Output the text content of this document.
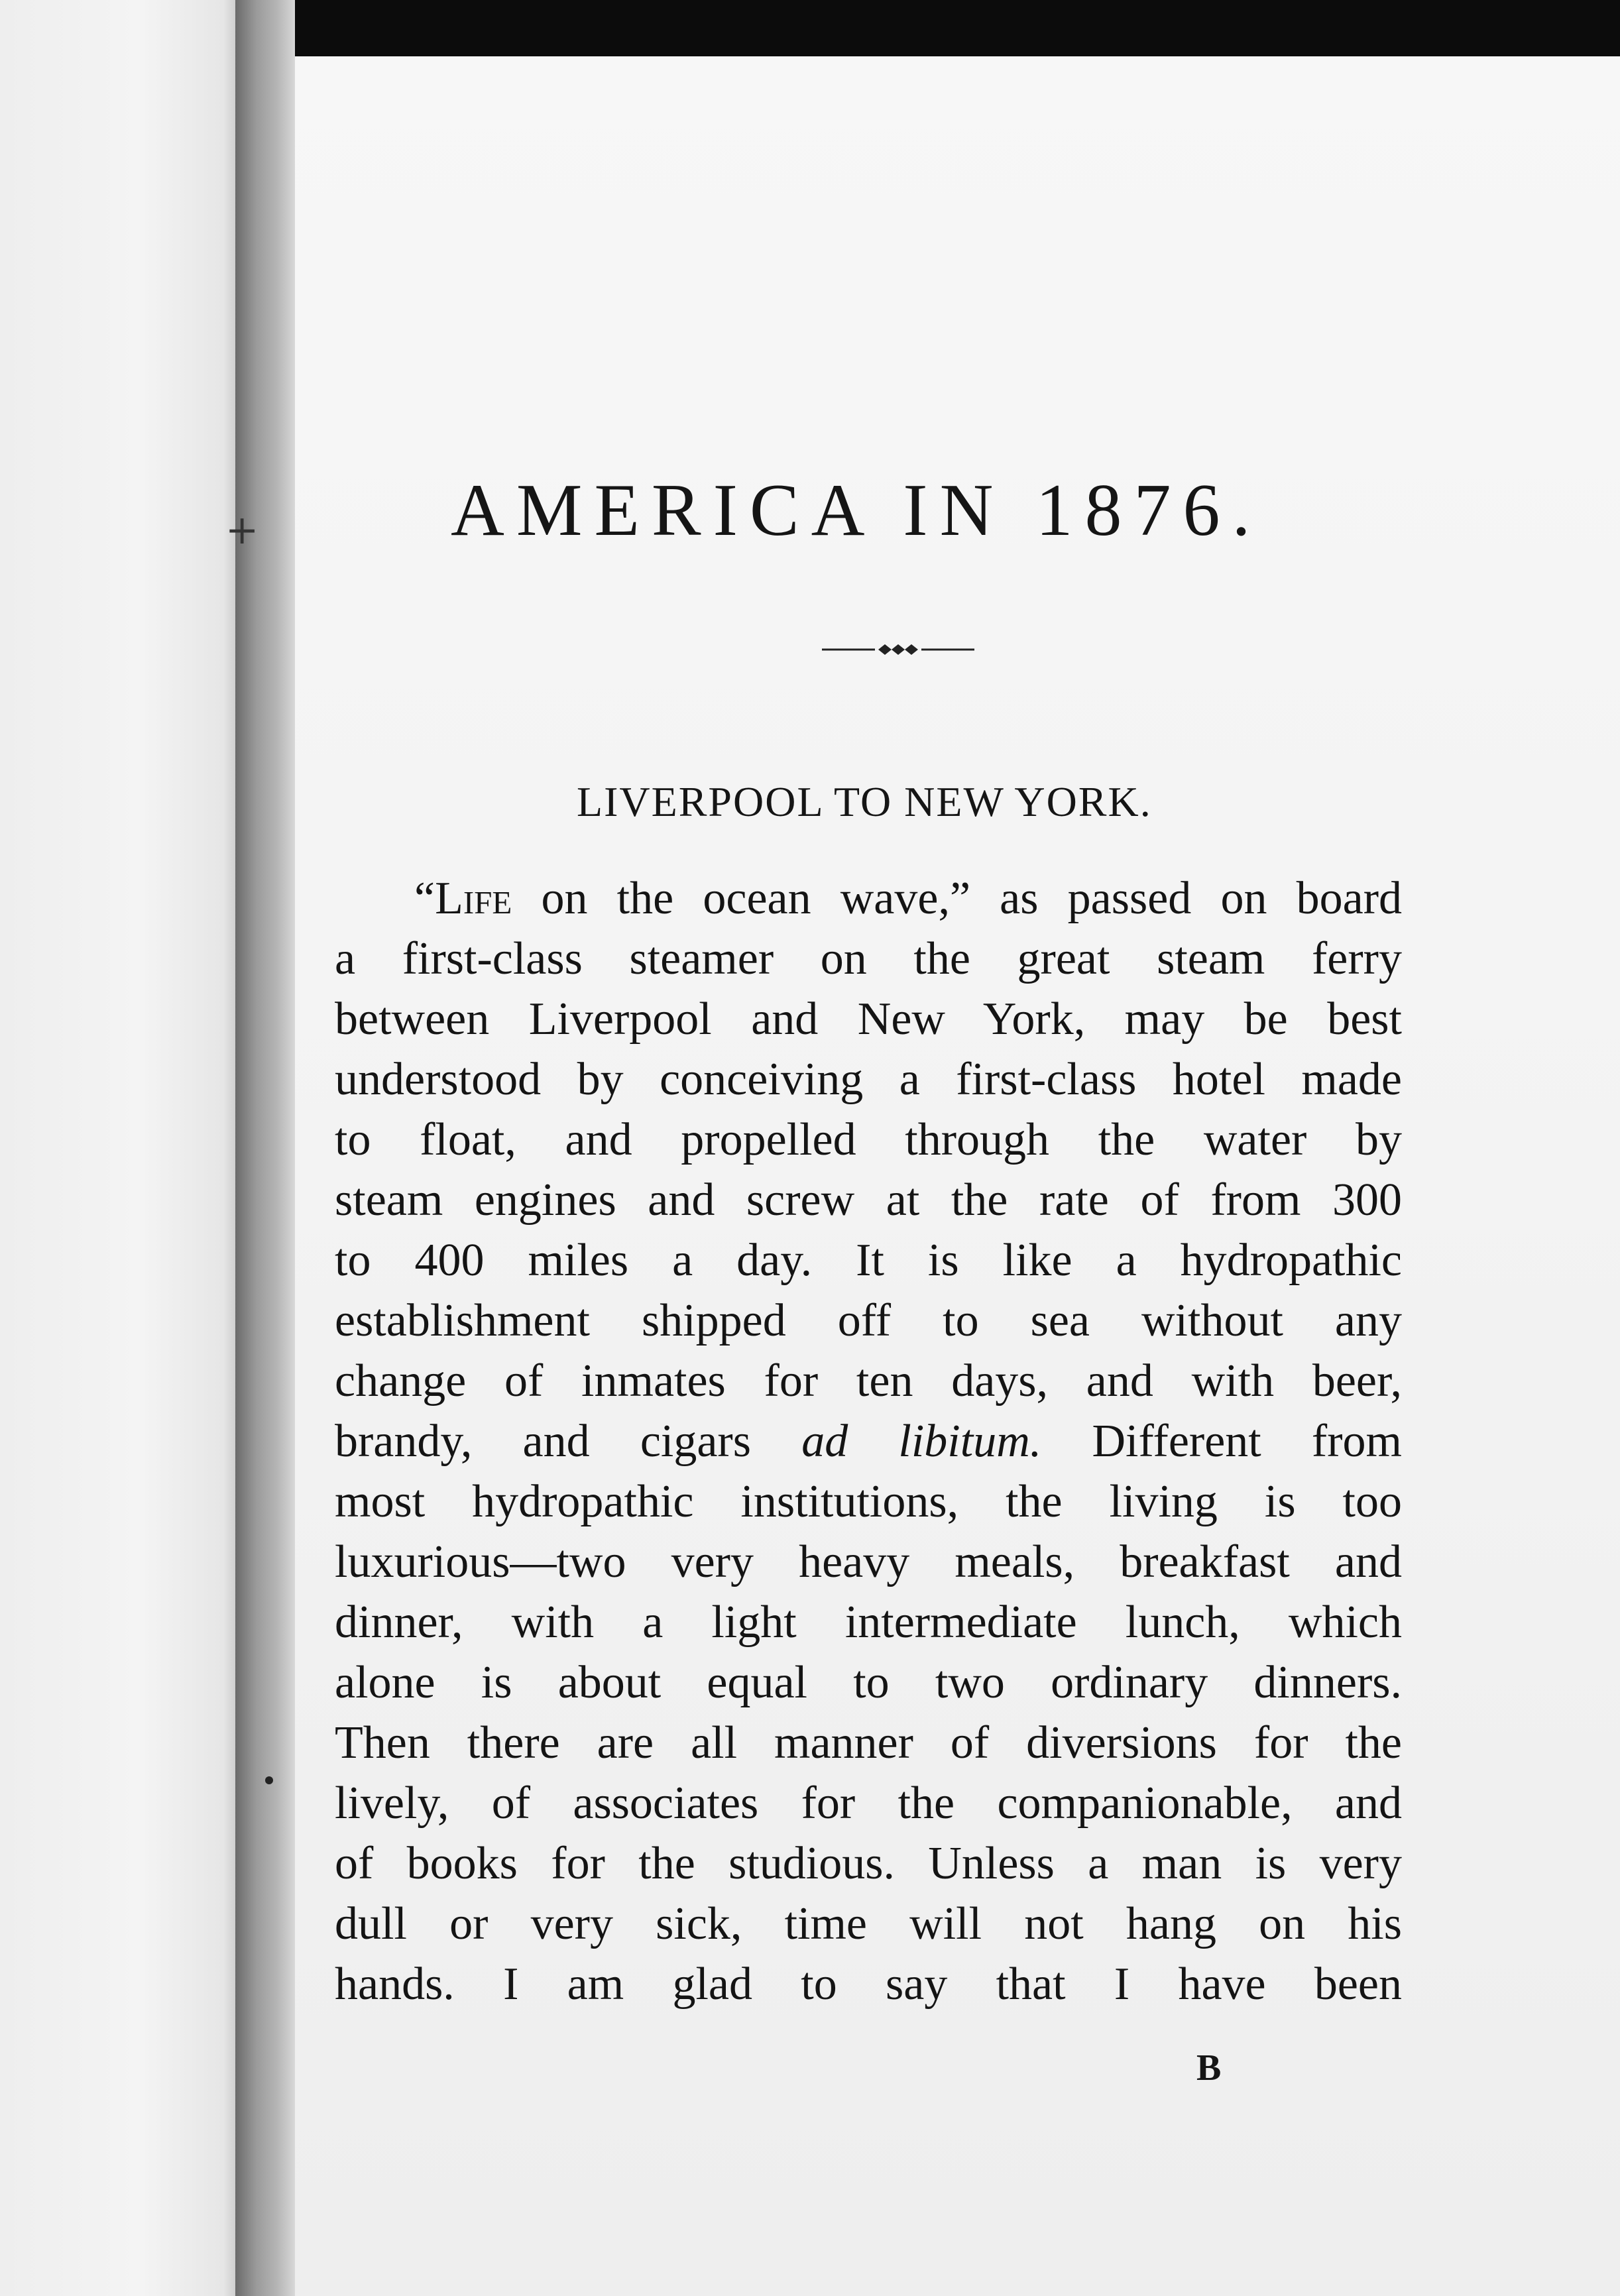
+	AMERICA IN 1876.
LIVERPOOL TO NEW YORK.
“Life on the ocean wave,” as passed on board
a first-class steamer on the great steam ferry
between Liverpool and New York, may be best
understood by conceiving a first-class hotel made
to float, and propelled through the water by
steam engines and screw at the rate of from 300
to 400 miles a day. It is like a hydropathic
establishment shipped off to sea without any
change of inmates for ten days, and with beer,
brandy, and cigars ad libitum. Different from
most hydropathic institutions, the living is too
luxurious—two very heavy meals, breakfast and
dinner, with a light intermediate lunch, which
alone is about equal to two ordinary dinners.
Then there are all manner of diversions for the
lively, of associates for the companionable, and
of books for the studious. Unless a man is very
dull or very sick, time will not hang on his
hands. I am glad to say that I have been
B
